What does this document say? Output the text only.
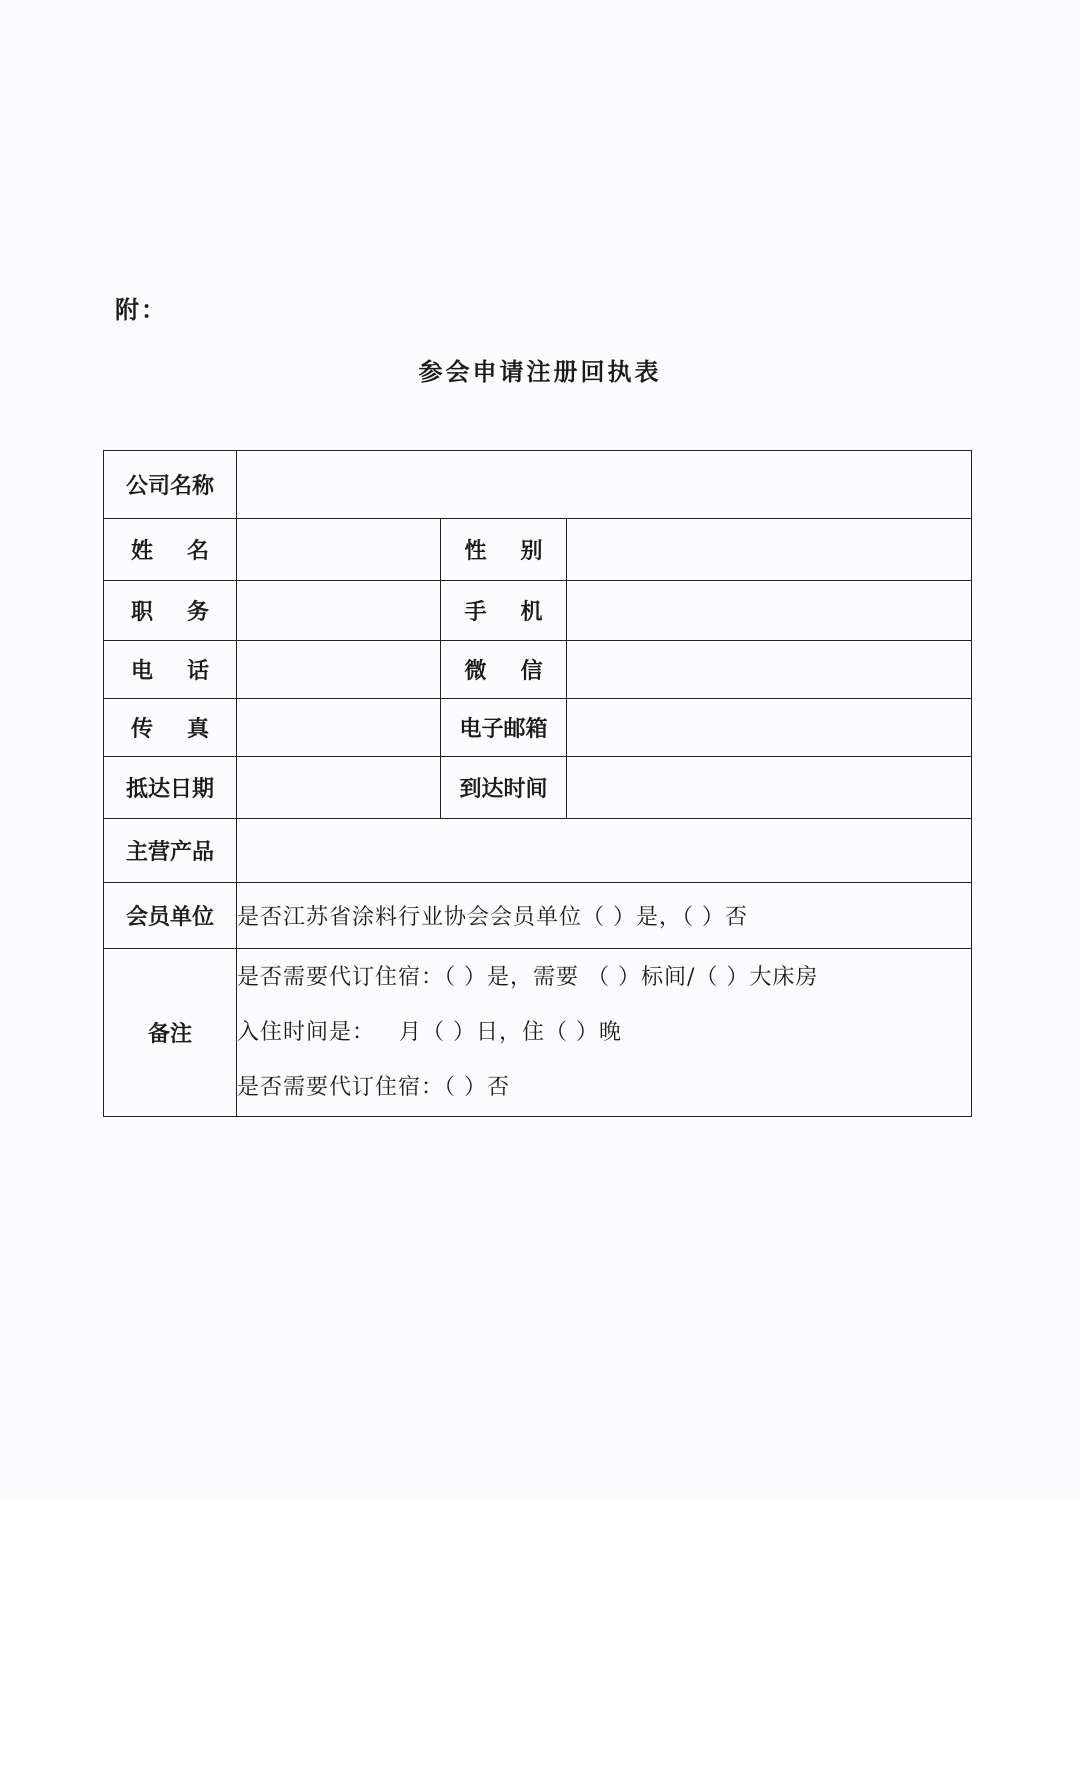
附：
参会申请注册回执表
公司名称			

姓 名		性 别	

职 务		手 机	

电 话		微 信	

传 真		电子邮箱	
抵达日期		到达时间	
主营产品			
会员单位	是否江苏省涂料行业协会会员单位（ ）是，（ ）否		
备注	是否需要代订住宿：（ ）是，需要 （ ）标间/（ ）大床房
入住时间是： 月（ ）日，住（ ）晚
是否需要代订住宿：（ ）否		
